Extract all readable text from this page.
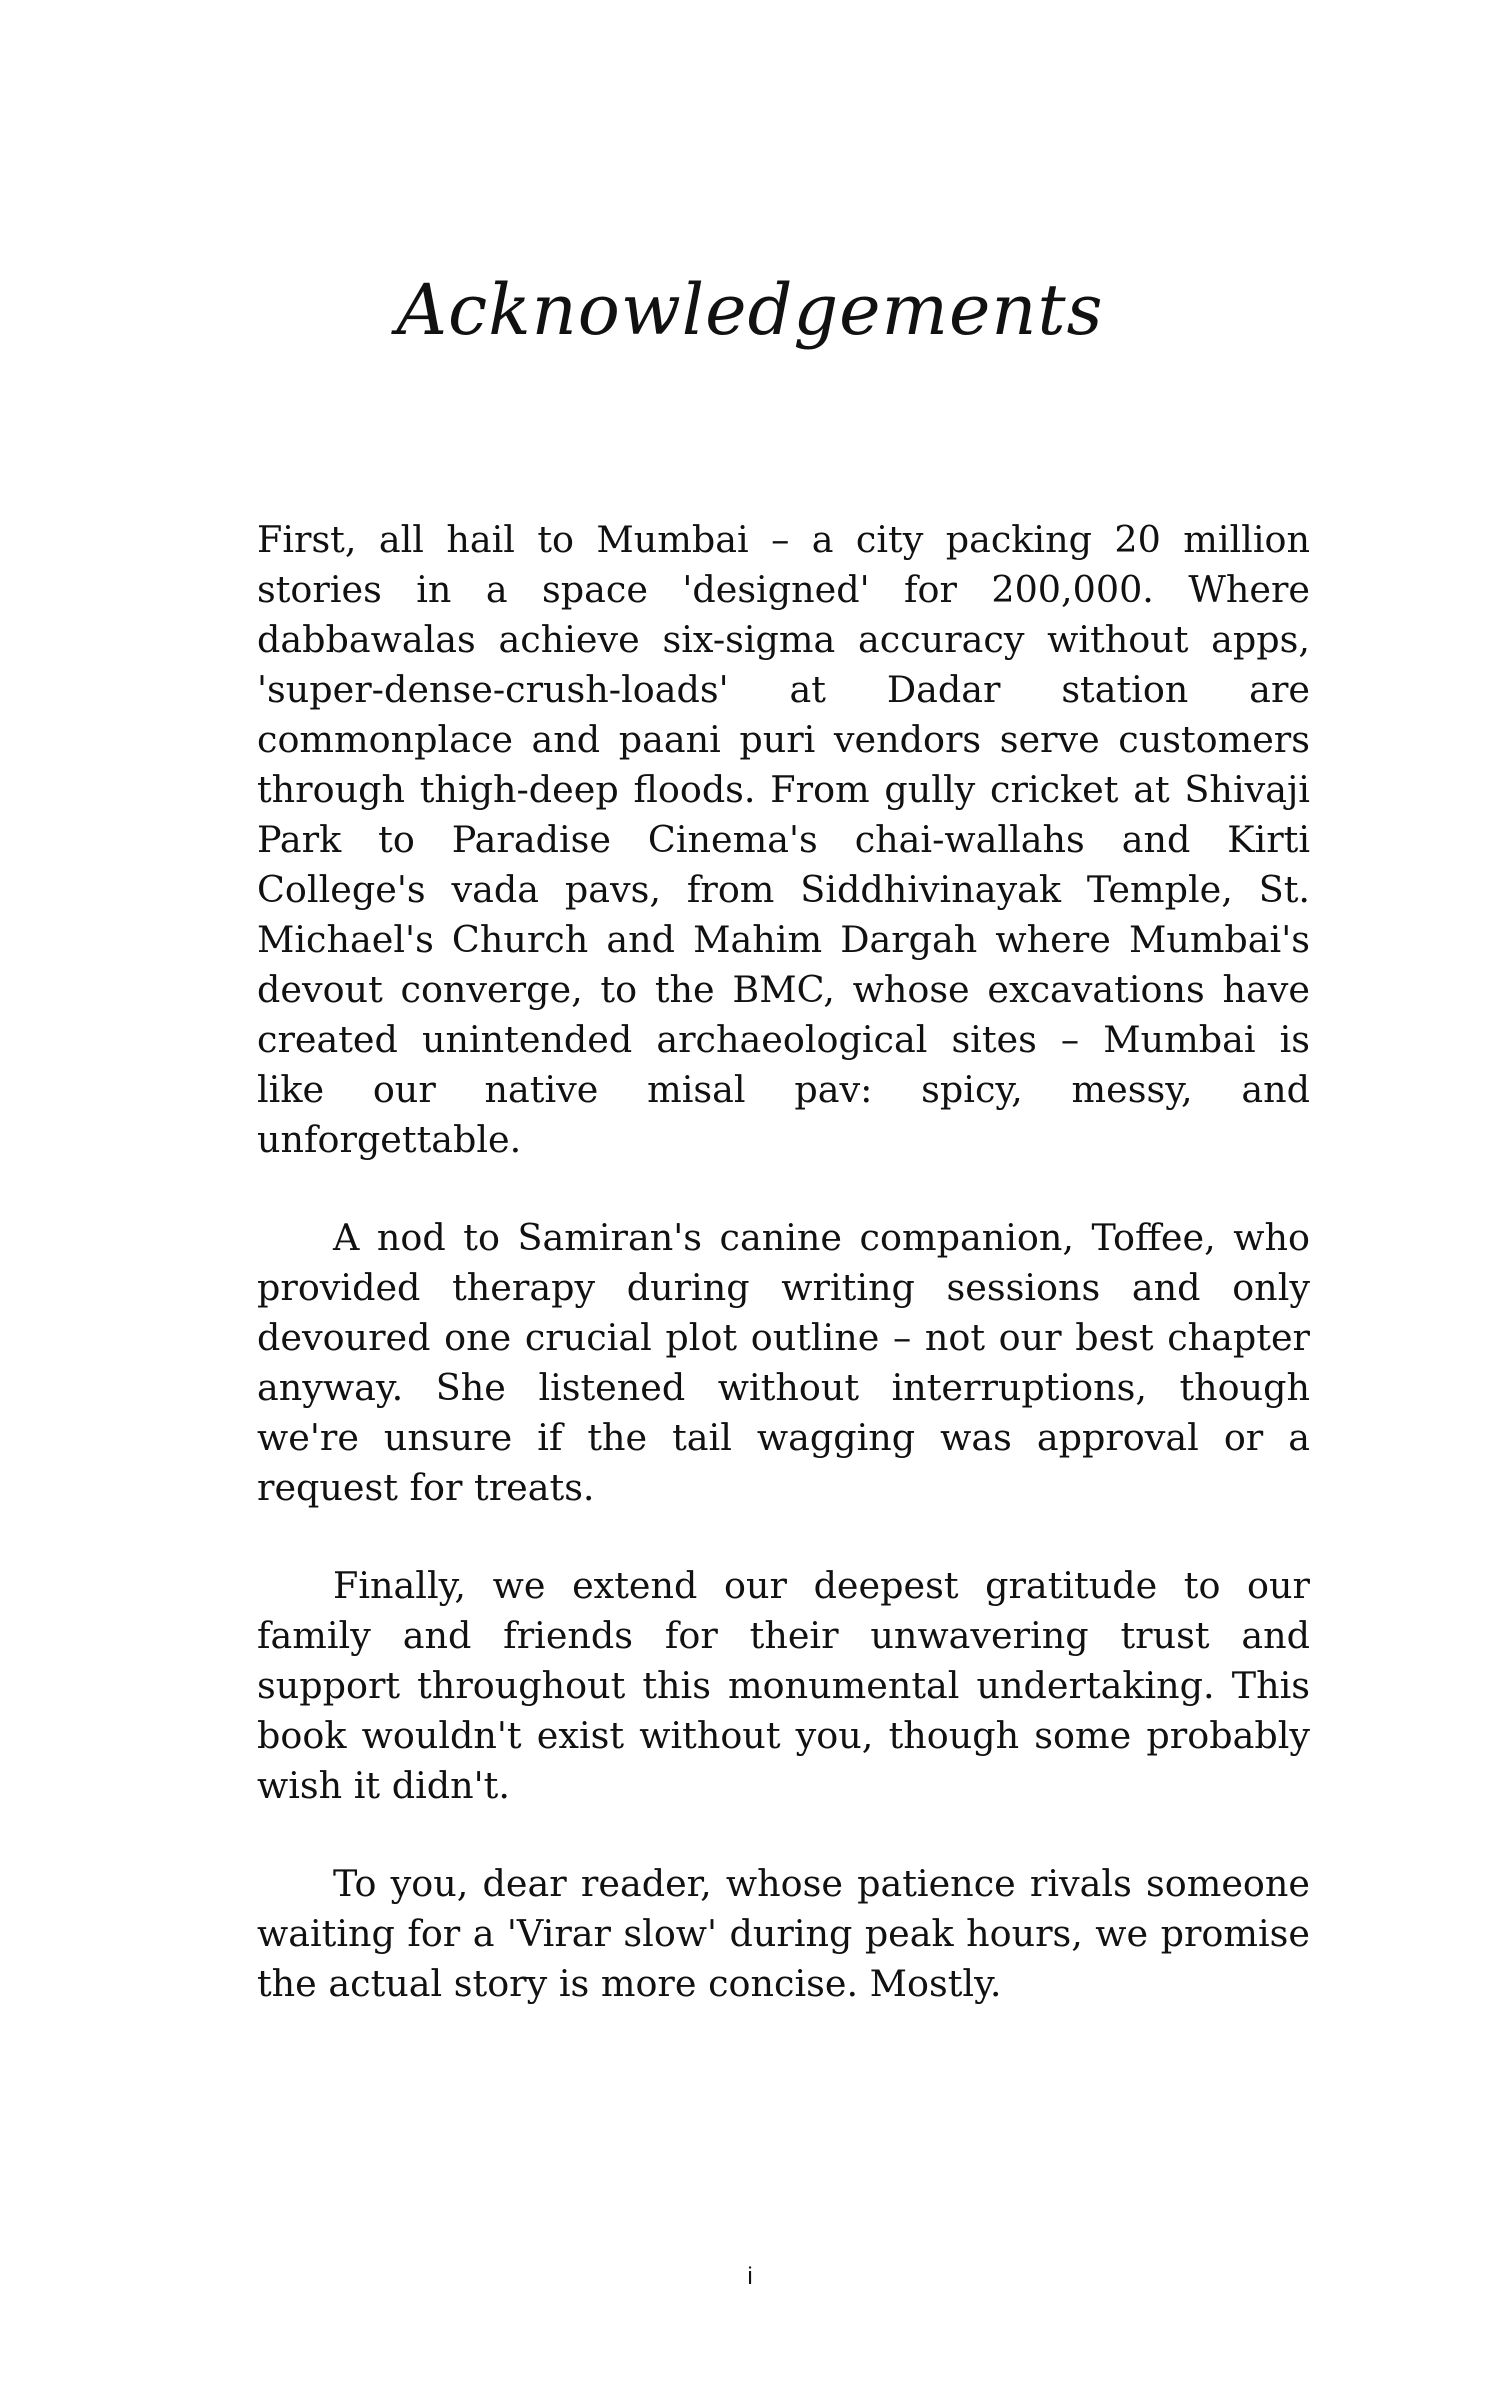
Acknowledgements

First, all hail to Mumbai – a city packing 20 million stories in a space 'designed' for 200,000. Where dabbawalas achieve six-sigma accuracy without apps, 'super-dense-crush-loads' at Dadar station are commonplace and paani puri vendors serve customers through thigh-deep floods. From gully cricket at Shivaji Park to Paradise Cinema's chai-wallahs and Kirti College's vada pavs, from Siddhivinayak Temple, St. Michael's Church and Mahim Dargah where Mumbai's devout converge, to the BMC, whose excavations have created unintended archaeological sites – Mumbai is like our native misal pav: spicy, messy, and unforgettable.

A nod to Samiran's canine companion, Toffee, who provided therapy during writing sessions and only devoured one crucial plot outline – not our best chapter anyway. She listened without interruptions, though we're unsure if the tail wagging was approval or a request for treats.

Finally, we extend our deepest gratitude to our family and friends for their unwavering trust and support throughout this monumental undertaking. This book wouldn't exist without you, though some probably wish it didn't.

To you, dear reader, whose patience rivals someone waiting for a 'Virar slow' during peak hours, we promise the actual story is more concise. Mostly.

i
